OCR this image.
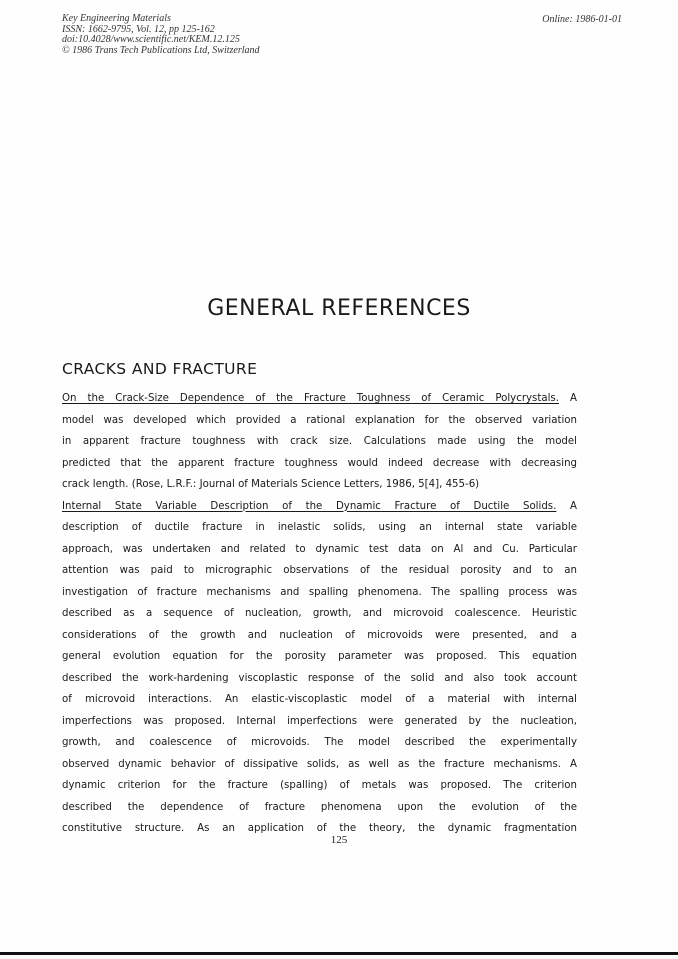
Key Engineering Materials
ISSN: 1662-9795, Vol. 12, pp 125-162
doi:10.4028/www.scientific.net/KEM.12.125
© 1986 Trans Tech Publications Ltd, Switzerland
Online: 1986-01-01
GENERAL REFERENCES
CRACKS AND FRACTURE
On the Crack-Size Dependence of the Fracture Toughness of Ceramic Polycrystals. A
model was developed which provided a rational explanation for the observed variation
in apparent fracture toughness with crack size. Calculations made using the model
predicted that the apparent fracture toughness would indeed decrease with decreasing
crack length. (Rose, L.R.F.: Journal of Materials Science Letters, 1986, 5[4], 455-6)
Internal State Variable Description of the Dynamic Fracture of Ductile Solids. A
description of ductile fracture in inelastic solids, using an internal state variable
approach, was undertaken and related to dynamic test data on Al and Cu. Particular
attention was paid to micrographic observations of the residual porosity and to an
investigation of fracture mechanisms and spalling phenomena. The spalling process was
described as a sequence of nucleation, growth, and microvoid coalescence. Heuristic
considerations of the growth and nucleation of microvoids were presented, and a
general evolution equation for the porosity parameter was proposed. This equation
described the work-hardening viscoplastic response of the solid and also took account
of microvoid interactions. An elastic-viscoplastic model of a material with internal
imperfections was proposed. Internal imperfections were generated by the nucleation,
growth, and coalescence of microvoids. The model described the experimentally
observed dynamic behavior of dissipative solids, as well as the fracture mechanisms. A
dynamic criterion for the fracture (spalling) of metals was proposed. The criterion
described the dependence of fracture phenomena upon the evolution of the
constitutive structure. As an application of the theory, the dynamic fragmentation
125
